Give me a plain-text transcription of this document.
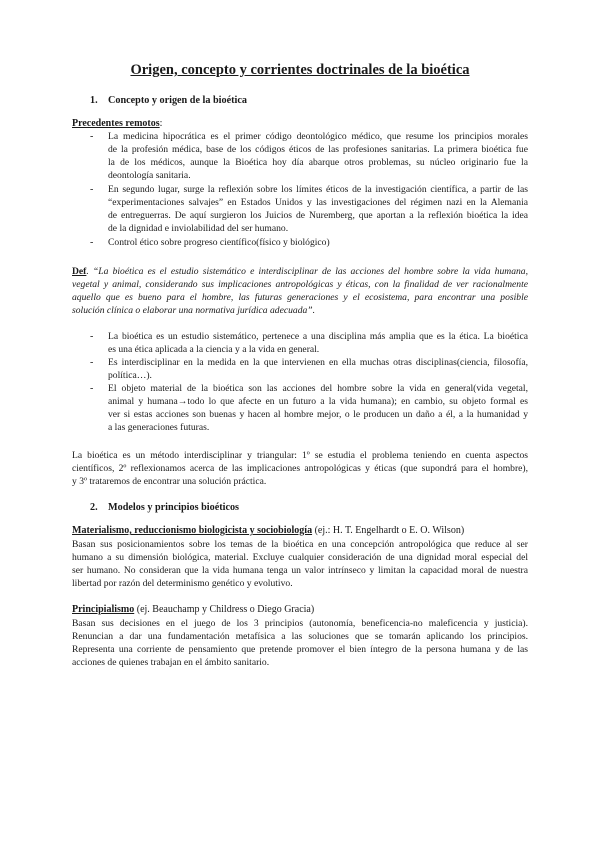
Origen, concepto y corrientes doctrinales de la bioética
1. Concepto y origen de la bioética
Precedentes remotos:
- La medicina hipocrática es el primer código deontológico médico, que resume los principios morales
de la profesión médica, base de los códigos éticos de las profesiones sanitarias. La primera bioética fue
la de los médicos, aunque la Bioética hoy día abarque otros problemas, su núcleo originario fue la
deontología sanitaria.
- En segundo lugar, surge la reflexión sobre los límites éticos de la investigación científica, a partir de las
“experimentaciones salvajes” en Estados Unidos y las investigaciones del régimen nazi en la Alemania
de entreguerras. De aquí surgieron los Juicios de Nuremberg, que aportan a la reflexión bioética la idea
de la dignidad e inviolabilidad del ser humano.
- Control ético sobre progreso científico(físico y biológico)
Def. “La bioética es el estudio sistemático e interdisciplinar de las acciones del hombre sobre la vida humana,
vegetal y animal, considerando sus implicaciones antropológicas y éticas, con la finalidad de ver racionalmente
aquello que es bueno para el hombre, las futuras generaciones y el ecosistema, para encontrar una posible
solución clínica o elaborar una normativa jurídica adecuada”.
- La bioética es un estudio sistemático, pertenece a una disciplina más amplia que es la ética. La bioética
es una ética aplicada a la ciencia y a la vida en general.
- Es interdisciplinar en la medida en la que intervienen en ella muchas otras disciplinas(ciencia, filosofía,
política…).
- El objeto material de la bioética son las acciones del hombre sobre la vida en general(vida vegetal,
animal y humana→todo lo que afecte en un futuro a la vida humana); en cambio, su objeto formal es
ver si estas acciones son buenas y hacen al hombre mejor, o le producen un daño a él, a la humanidad y
a las generaciones futuras.
La bioética es un método interdisciplinar y triangular: 1º se estudia el problema teniendo en cuenta aspectos
científicos, 2º reflexionamos acerca de las implicaciones antropológicas y éticas (que supondrá para el hombre),
y 3º trataremos de encontrar una solución práctica.
2. Modelos y principios bioéticos
Materialismo, reduccionismo biologicista y sociobiología (ej.: H. T. Engelhardt o E. O. Wilson)
Basan sus posicionamientos sobre los temas de la bioética en una concepción antropológica que reduce al ser
humano a su dimensión biológica, material. Excluye cualquier consideración de una dignidad moral especial del
ser humano. No consideran que la vida humana tenga un valor intrínseco y limitan la capacidad moral de nuestra
libertad por razón del determinismo genético y evolutivo.
Principialismo (ej. Beauchamp y Childress o Diego Gracia)
Basan sus decisiones en el juego de los 3 principios (autonomía, beneficencia-no maleficencia y justicia).
Renuncian a dar una fundamentación metafísica a las soluciones que se tomarán aplicando los principios.
Representa una corriente de pensamiento que pretende promover el bien íntegro de la persona humana y de las
acciones de quienes trabajan en el ámbito sanitario.
